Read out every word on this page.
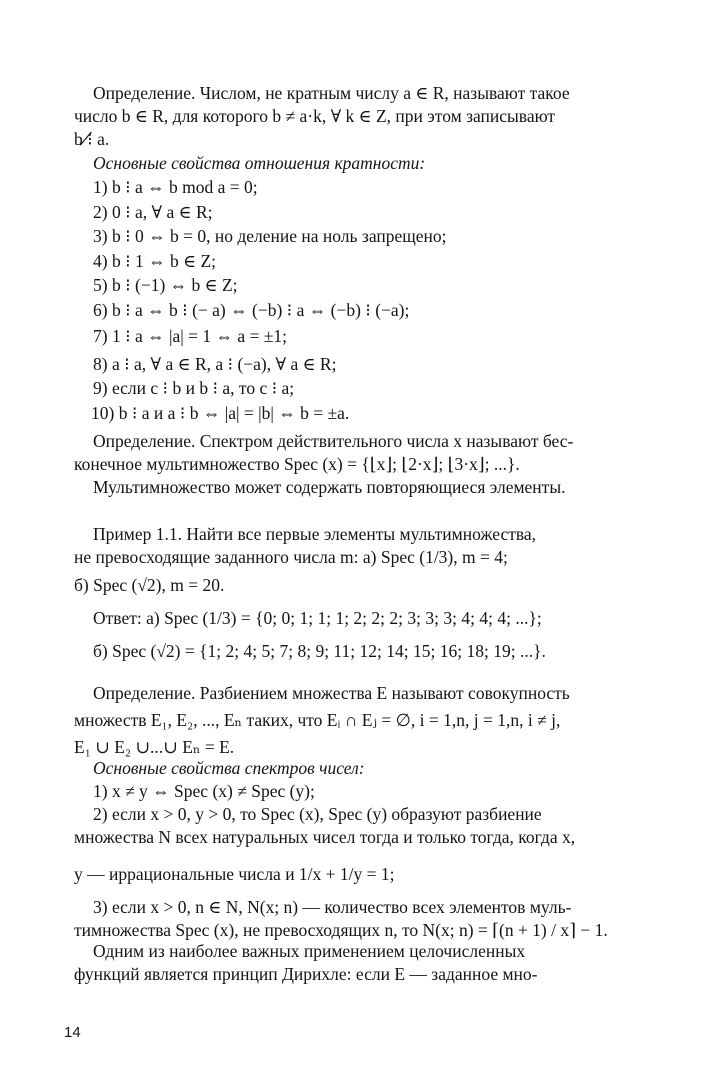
Определение. Числом, не кратным числу a ∈ R, называют такое
число b ∈ R, для которого b ≠ a·k, ∀ k ∈ Z, при этом записывают
b ⁝̸ a.
Основные свойства отношения кратности:
1) b ⁝ a ⇔ b mod a = 0;
2) 0 ⁝ a, ∀ a ∈ R;
3) b ⁝ 0 ⇔ b = 0, но деление на ноль запрещено;
4) b ⁝ 1 ⇔ b ∈ Z;
5) b ⁝ (−1) ⇔ b ∈ Z;
6) b ⁝ a ⇔ b ⁝ (− a) ⇔ (−b) ⁝ a ⇔ (−b) ⁝ (−a);
7) 1 ⁝ a ⇔ |a| = 1 ⇔ a = ±1;
8) a ⁝ a, ∀ a ∈ R, a ⁝ (−a), ∀ a ∈ R;
9) если c ⁝ b и b ⁝ a, то c ⁝ a;
10) b ⁝ a и a ⁝ b ⇔ |a| = |b| ⇔ b = ±a.
Определение. Спектром действительного числа x называют бес-
конечное мультимножество Spec (x) = {⌊x⌋; ⌊2·x⌋; ⌊3·x⌋; ...}.
Мультимножество может содержать повторяющиеся элементы.
Пример 1.1. Найти все первые элементы мультимножества,
не превосходящие заданного числа m: а) Spec (1/3), m = 4;
б) Spec (√2), m = 20.
Ответ: а) Spec (1/3) = {0; 0; 1; 1; 1; 2; 2; 2; 3; 3; 3; 4; 4; 4; ...};
б) Spec (√2) = {1; 2; 4; 5; 7; 8; 9; 11; 12; 14; 15; 16; 18; 19; ...}.
Определение. Разбиением множества E называют совокупность
множеств E₁, E₂, ..., Eₙ таких, что Eᵢ ∩ Eⱼ = ∅, i = 1,n, j = 1,n, i ≠ j,
E₁ ∪ E₂ ∪...∪ Eₙ = E.
Основные свойства спектров чисел:
1) x ≠ y ⇔ Spec (x) ≠ Spec (y);
2) если x > 0, y > 0, то Spec (x), Spec (y) образуют разбиение
множества N всех натуральных чисел тогда и только тогда, когда x,
y — иррациональные числа и 1/x + 1/y = 1;
3) если x > 0, n ∈ N, N(x; n) — количество всех элементов муль-
тимножества Spec (x), не превосходящих n, то N(x; n) = ⌈(n + 1) / x⌉ − 1.
Одним из наиболее важных применением целочисленных
функций является принцип Дирихле: если E — заданное мно-
14
